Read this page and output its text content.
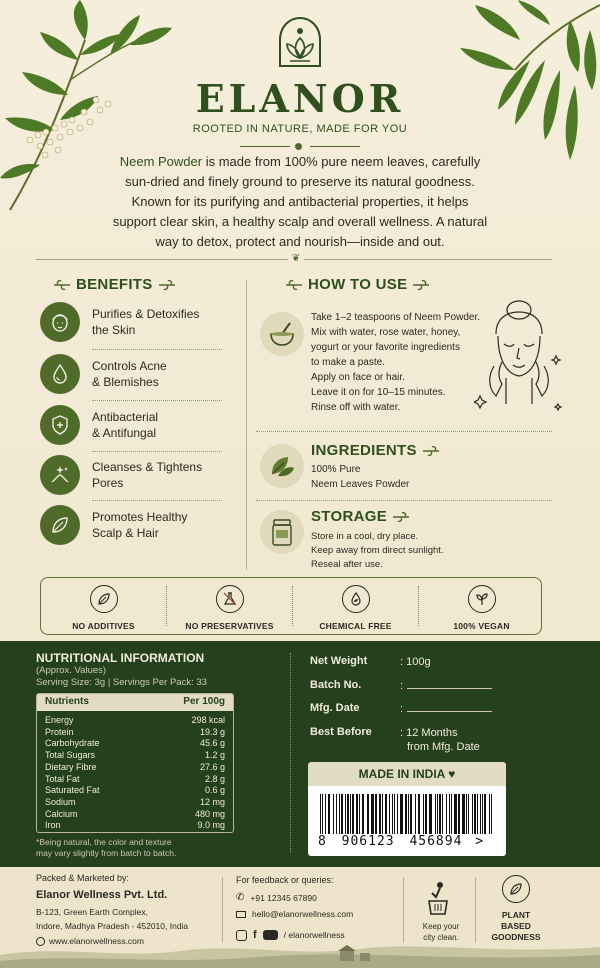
ELANOR
ROOTED IN NATURE, MADE FOR YOU
Neem Powder is made from 100% pure neem leaves, carefully sun-dried and finely ground to preserve its natural goodness. Known for its purifying and antibacterial properties, it helps support clear skin, a healthy scalp and overall wellness. A natural way to detox, protect and nourish—inside and out.
❦
BENEFITS
Purifies & Detoxifies
the Skin
Controls Acne
& Blemishes
Antibacterial
& Antifungal
Cleanses & Tightens
Pores
Promotes Healthy
Scalp & Hair
HOW TO USE
Take 1–2 teaspoons of Neem Powder.
Mix with water, rose water, honey,
yogurt or your favorite ingredients
to make a paste.
Apply on face or hair.
Leave it on for 10–15 minutes.
Rinse off with water.
INGREDIENTS
100% Pure
Neem Leaves Powder
STORAGE
Store in a cool, dry place.
Keep away from direct sunlight.
Reseal after use.
NO ADDITIVES	NO PRESERVATIVES	CHEMICAL FREE	100% VEGAN
NUTRITIONAL INFORMATION
(Approx. Values)
Serving Size: 3g | Servings Per Pack: 33
Nutrients	Per 100g
Energy	298 kcal
Protein	19.3 g
Carbohydrate	45.6 g
Total Sugars	1.2 g
Dietary Fibre	27.6 g
Total Fat	2.8 g
Saturated Fat	0.6 g
Sodium	12 mg
Calcium	480 mg
Iron	9.0 mg
*Being natural, the color and texture
may vary slightly from batch to batch.
Net Weight	: 100g
Batch No.	:
Mfg. Date	:
Best Before	: 12 Months
from Mfg. Date
MADE IN INDIA ♥
8 906123 456894 >
Packed & Marketed by:
Elanor Wellness Pvt. Ltd.
B-123, Green Earth Complex,
Indore, Madhya Pradesh - 452010, India
www.elanorwellness.com
For feedback or queries:
✆ +91 12345 67890
hello@elanorwellness.com
f	/ elanorwellness
Keep your
city clean.
PLANT
BASED
GOODNESS
